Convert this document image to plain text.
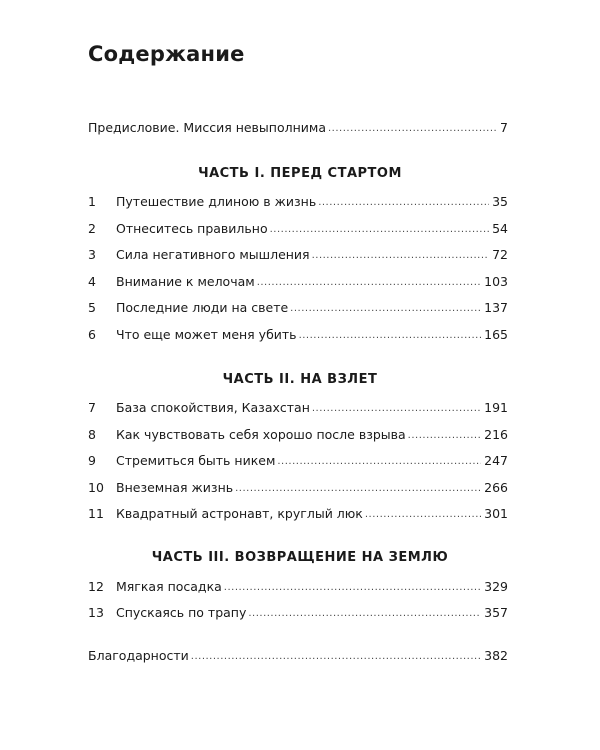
Содержание
Предисловие. Миссия невыполнима .....	7
ЧАСТЬ I. ПЕРЕД СТАРТОМ
1	Путешествие длиною в жизнь .....	35
2	Отнеситесь правильно .....	54
3	Сила негативного мышления .....	72
4	Внимание к мелочам .....	103
5	Последние люди на свете .....	137
6	Что еще может меня убить .....	165
ЧАСТЬ II. НА ВЗЛЕТ
7	База спокойствия, Казахстан .....	191
8	Как чувствовать себя хорошо после взрыва .....	216
9	Стремиться быть никем .....	247
10 Внеземная жизнь .....	266
11 Квадратный астронавт, круглый люк .....	301
ЧАСТЬ III. ВОЗВРАЩЕНИЕ НА ЗЕМЛЮ
12 Мягкая посадка .....	329
13 Спускаясь по трапу .....	357
Благодарности .....	382
